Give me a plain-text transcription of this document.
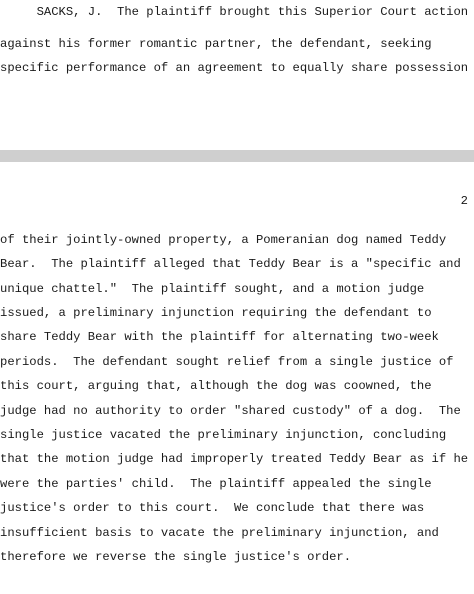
SACKS, J.  The plaintiff brought this Superior Court action
against his former romantic partner, the defendant, seeking
specific performance of an agreement to equally share possession
2
of their jointly-owned property, a Pomeranian dog named Teddy
Bear.  The plaintiff alleged that Teddy Bear is a "specific and
unique chattel."  The plaintiff sought, and a motion judge
issued, a preliminary injunction requiring the defendant to
share Teddy Bear with the plaintiff for alternating two-week
periods.  The defendant sought relief from a single justice of
this court, arguing that, although the dog was coowned, the
judge had no authority to order "shared custody" of a dog.  The
single justice vacated the preliminary injunction, concluding
that the motion judge had improperly treated Teddy Bear as if he
were the parties' child.  The plaintiff appealed the single
justice's order to this court.  We conclude that there was
insufficient basis to vacate the preliminary injunction, and
therefore we reverse the single justice's order.
